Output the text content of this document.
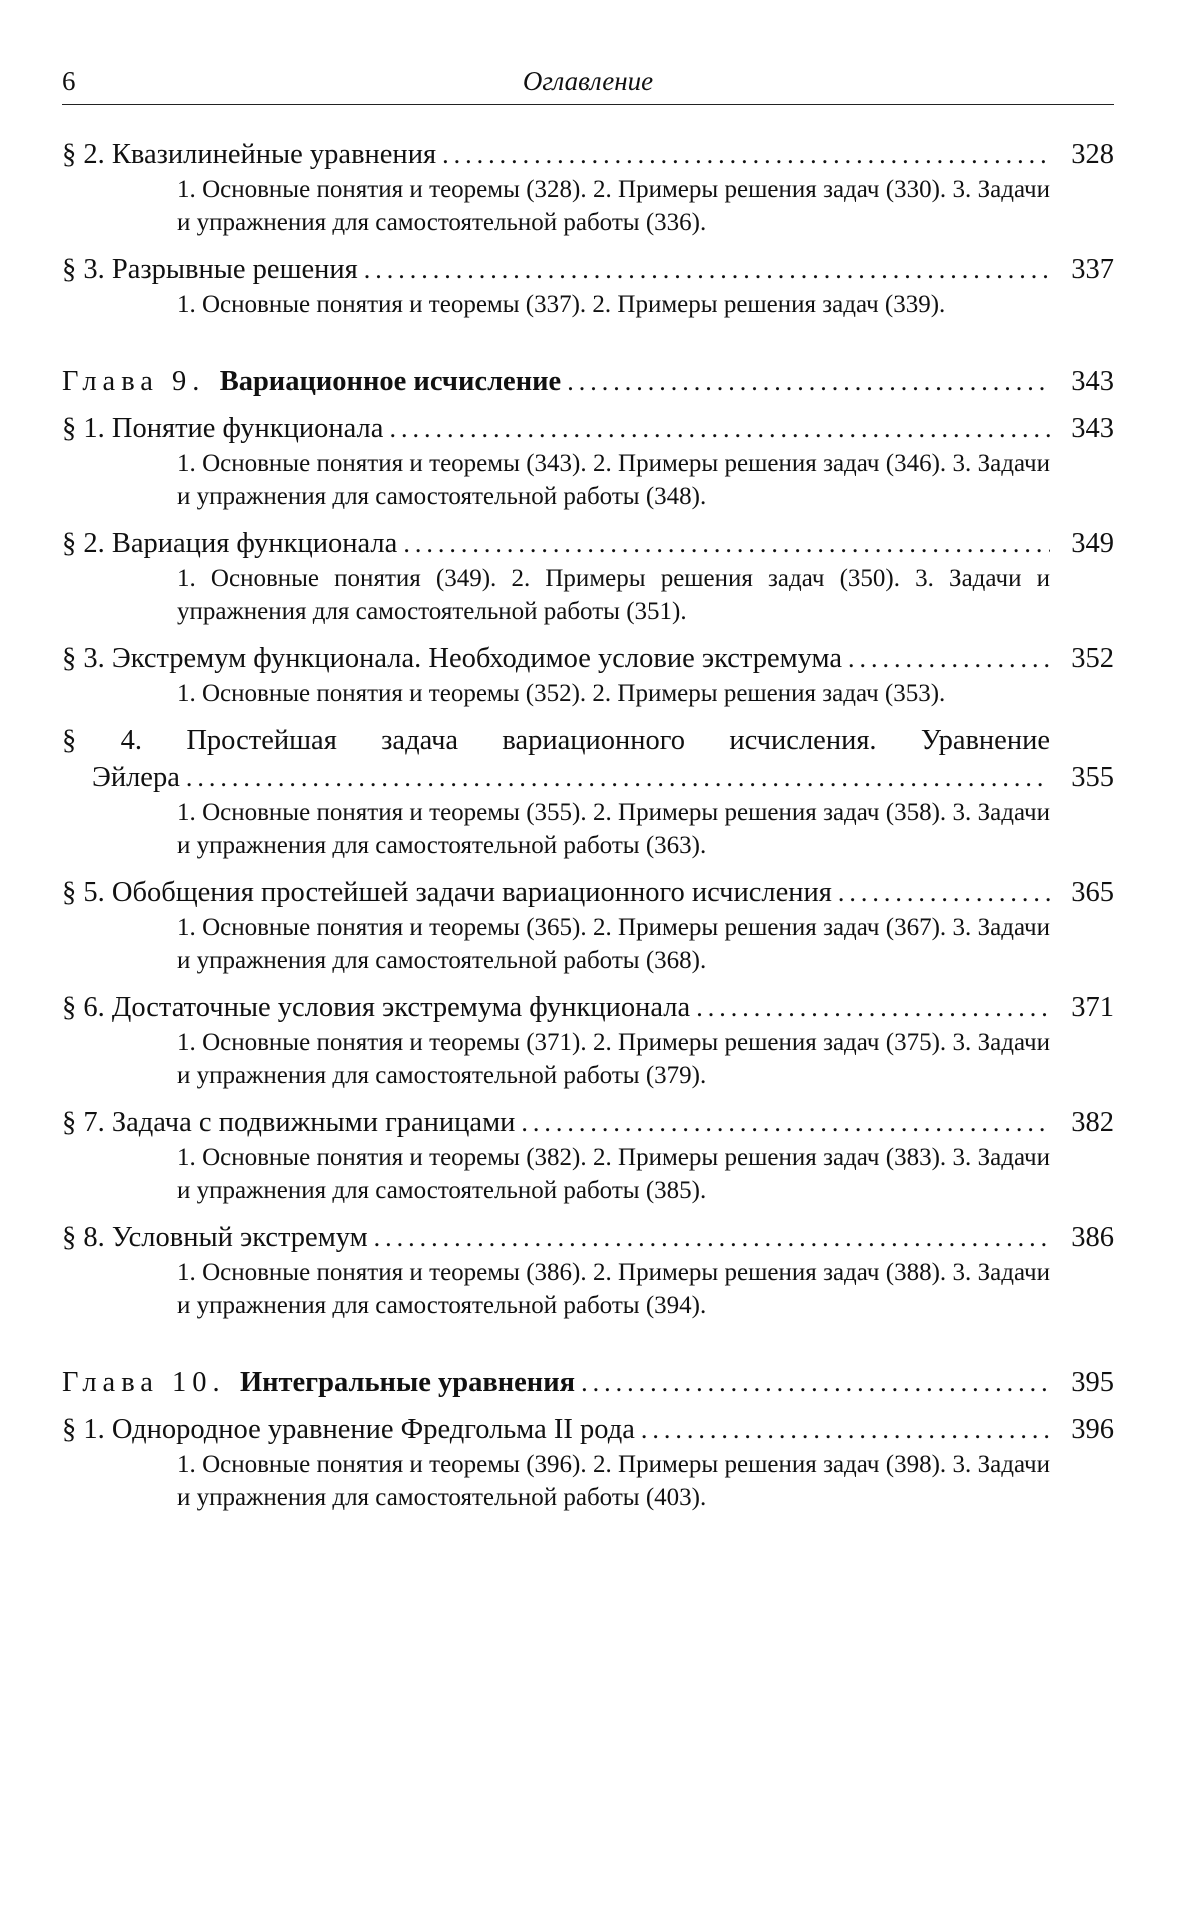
6	Оглавление
§ 2. Квазилинейные уравнения .....	328
1. Основные понятия и теоремы (328). 2. Примеры решения задач (330). 3. Задачи и упражнения для самостоятельной работы (336).
§ 3. Разрывные решения .....	337
1. Основные понятия и теоремы (337). 2. Примеры решения задач (339).
Глава 9. Вариационное исчисление .....	343
§ 1. Понятие функционала .....	343
1. Основные понятия и теоремы (343). 2. Примеры решения задач (346). 3. Задачи и упражнения для самостоятельной работы (348).
§ 2. Вариация функционала .....	349
1. Основные понятия (349). 2. Примеры решения задач (350). 3. Задачи и упражнения для самостоятельной работы (351).
§ 3. Экстремум функционала. Необходимое условие экстремума .....	352
1. Основные понятия и теоремы (352). 2. Примеры решения задач (353).
§ 4. Простейшая задача вариационного исчисления. Уравнение
Эйлера .....	355
1. Основные понятия и теоремы (355). 2. Примеры решения задач (358). 3. Задачи и упражнения для самостоятельной работы (363).
§ 5. Обобщения простейшей задачи вариационного исчисления .....	365
1. Основные понятия и теоремы (365). 2. Примеры решения задач (367). 3. Задачи и упражнения для самостоятельной работы (368).
§ 6. Достаточные условия экстремума функционала .....	371
1. Основные понятия и теоремы (371). 2. Примеры решения задач (375). 3. Задачи и упражнения для самостоятельной работы (379).
§ 7. Задача с подвижными границами .....	382
1. Основные понятия и теоремы (382). 2. Примеры решения задач (383). 3. Задачи и упражнения для самостоятельной работы (385).
§ 8. Условный экстремум .....	386
1. Основные понятия и теоремы (386). 2. Примеры решения задач (388). 3. Задачи и упражнения для самостоятельной работы (394).
Глава 10. Интегральные уравнения .....	395
§ 1. Однородное уравнение Фредгольма II рода .....	396
1. Основные понятия и теоремы (396). 2. Примеры решения задач (398). 3. Задачи и упражнения для самостоятельной работы (403).
